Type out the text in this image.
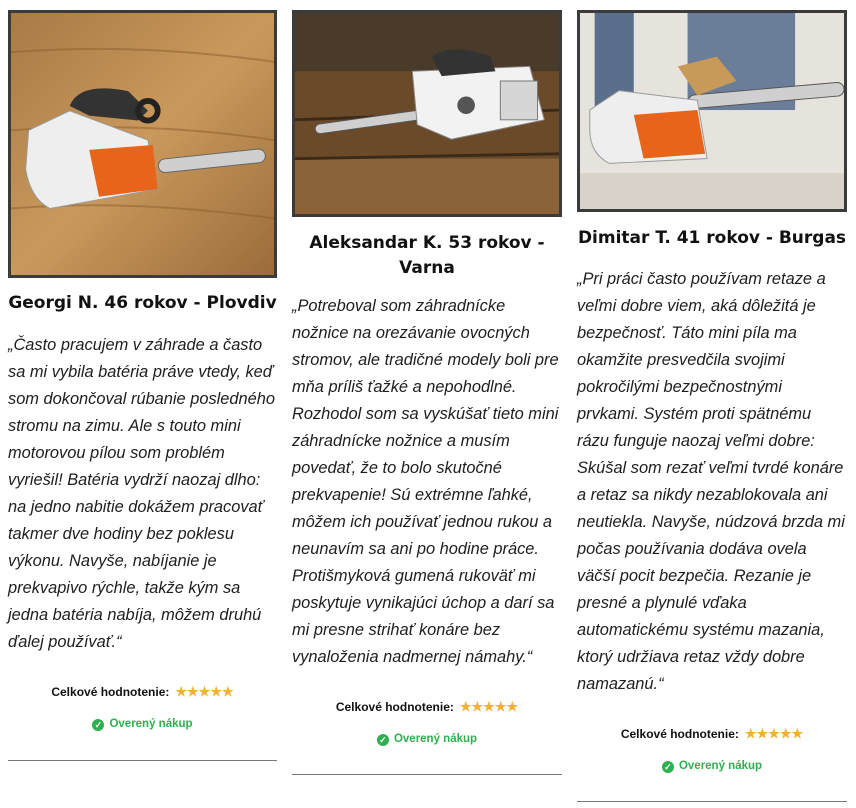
Georgi N. 46 rokov - Plovdiv
„Často pracujem v záhrade a často
sa mi vybila batéria práve vtedy, keď
som dokončoval rúbanie posledného
stromu na zimu. Ale s touto mini
motorovou pílou som problém
vyriešil! Batéria vydrží naozaj dlho:
na jedno nabitie dokážem pracovať
takmer dve hodiny bez poklesu
výkonu. Navyše, nabíjanie je
prekvapivo rýchle, takže kým sa
jedna batéria nabíja, môžem druhú
ďalej používať.“
Celkové hodnotenie: ★★★★★
✓ Overený nákup
Aleksandar K. 53 rokov - Varna
„Potreboval som záhradnícke
nožnice na orezávanie ovocných
stromov, ale tradičné modely boli pre
mňa príliš ťažké a nepohodlné.
Rozhodol som sa vyskúšať tieto mini
záhradnícke nožnice a musím
povedať, že to bolo skutočné
prekvapenie! Sú extrémne ľahké,
môžem ich používať jednou rukou a
neunavím sa ani po hodine práce.
Protišmyková gumená rukoväť mi
poskytuje vynikajúci úchop a darí sa
mi presne strihať konáre bez
vynaloženia nadmernej námahy.“
Celkové hodnotenie: ★★★★★
✓ Overený nákup
Dimitar T. 41 rokov - Burgas
„Pri práci často používam retaze a
veľmi dobre viem, aká dôležitá je
bezpečnosť. Táto mini píla ma
okamžite presvedčila svojimi
pokročilými bezpečnostnými
prvkami. Systém proti spätnému
rázu funguje naozaj veľmi dobre:
Skúšal som rezať veľmi tvrdé konáre
a retaz sa nikdy nezablokovala ani
neutiekla. Navyše, núdzová brzda mi
počas používania dodáva ovela
väčší pocit bezpečia. Rezanie je
presné a plynulé vďaka
automatickému systému mazania,
ktorý udržiava retaz vždy dobre
namazanú.“
Celkové hodnotenie: ★★★★★
✓ Overený nákup
